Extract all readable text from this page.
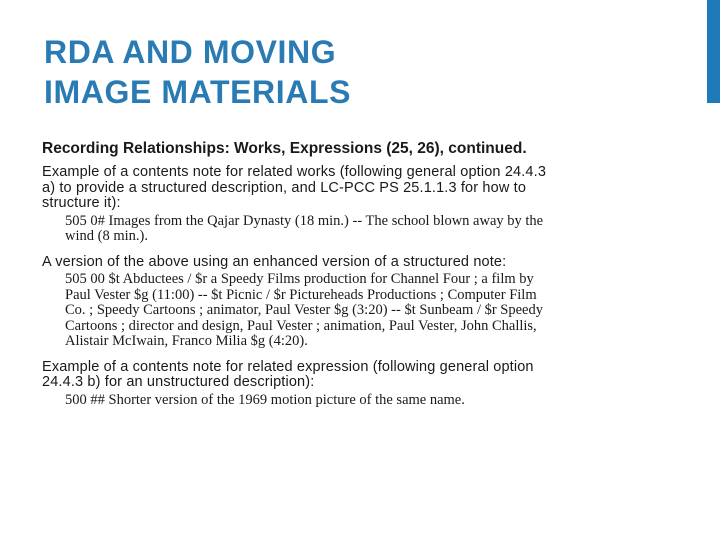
RDA AND MOVING
IMAGE MATERIALS

Recording Relationships: Works, Expressions (25, 26), continued.

Example of a contents note for related works (following general option 24.4.3
a) to provide a structured description, and LC-PCC PS 25.1.1.3 for how to
structure it):

505 0# Images from the Qajar Dynasty (18 min.) -- The school blown away by the
wind (8 min.).

A version of the above using an enhanced version of a structured note:

505 00 $t Abductees / $r a Speedy Films production for Channel Four ; a film by
Paul Vester $g (11:00) -- $t Picnic / $r Pictureheads Productions ; Computer Film
Co. ; Speedy Cartoons ; animator, Paul Vester $g (3:20) -- $t Sunbeam / $r Speedy
Cartoons ; director and design, Paul Vester ; animation, Paul Vester, John Challis,
Alistair McIwain, Franco Milia $g (4:20).

Example of a contents note for related expression (following general option
24.4.3 b) for an unstructured description):

500 ## Shorter version of the 1969 motion picture of the same name.
